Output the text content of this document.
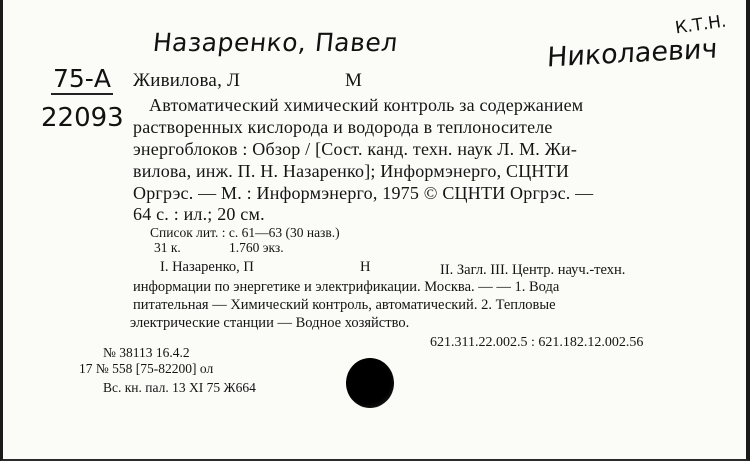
Назаренко, Павел	Николаевич
К.Т.Н.
75-А
22093
Живилова, Л	М
Автоматический химический контроль за содержанием
растворенных кислорода и водорода в теплоносителе
энергоблоков : Обзор / [Сост. канд. техн. наук Л. М. Жи-
вилова, инж. П. Н. Назаренко]; Информэнерго, СЦНТИ
Оргрэс. — М. : Информэнерго, 1975 © СЦНТИ Оргрэс. —
64 с. : ил.; 20 см.
Список лит. : с. 61—63 (30 назв.)
31 к.	1.760 экз.
I. Назаренко, П	Н	II. Загл. III. Центр. науч.-техн.
информации по энергетике и электрификации. Москва. — — 1. Вода
питательная — Химический контроль, автоматический. 2. Тепловые
электрические станции — Водное хозяйство.
621.311.22.002.5 : 621.182.12.002.56
№ 38113 16.4.2
17 № 558 [75-82200] ол
Вс. кн. пал. 13 XI 75 Ж664
